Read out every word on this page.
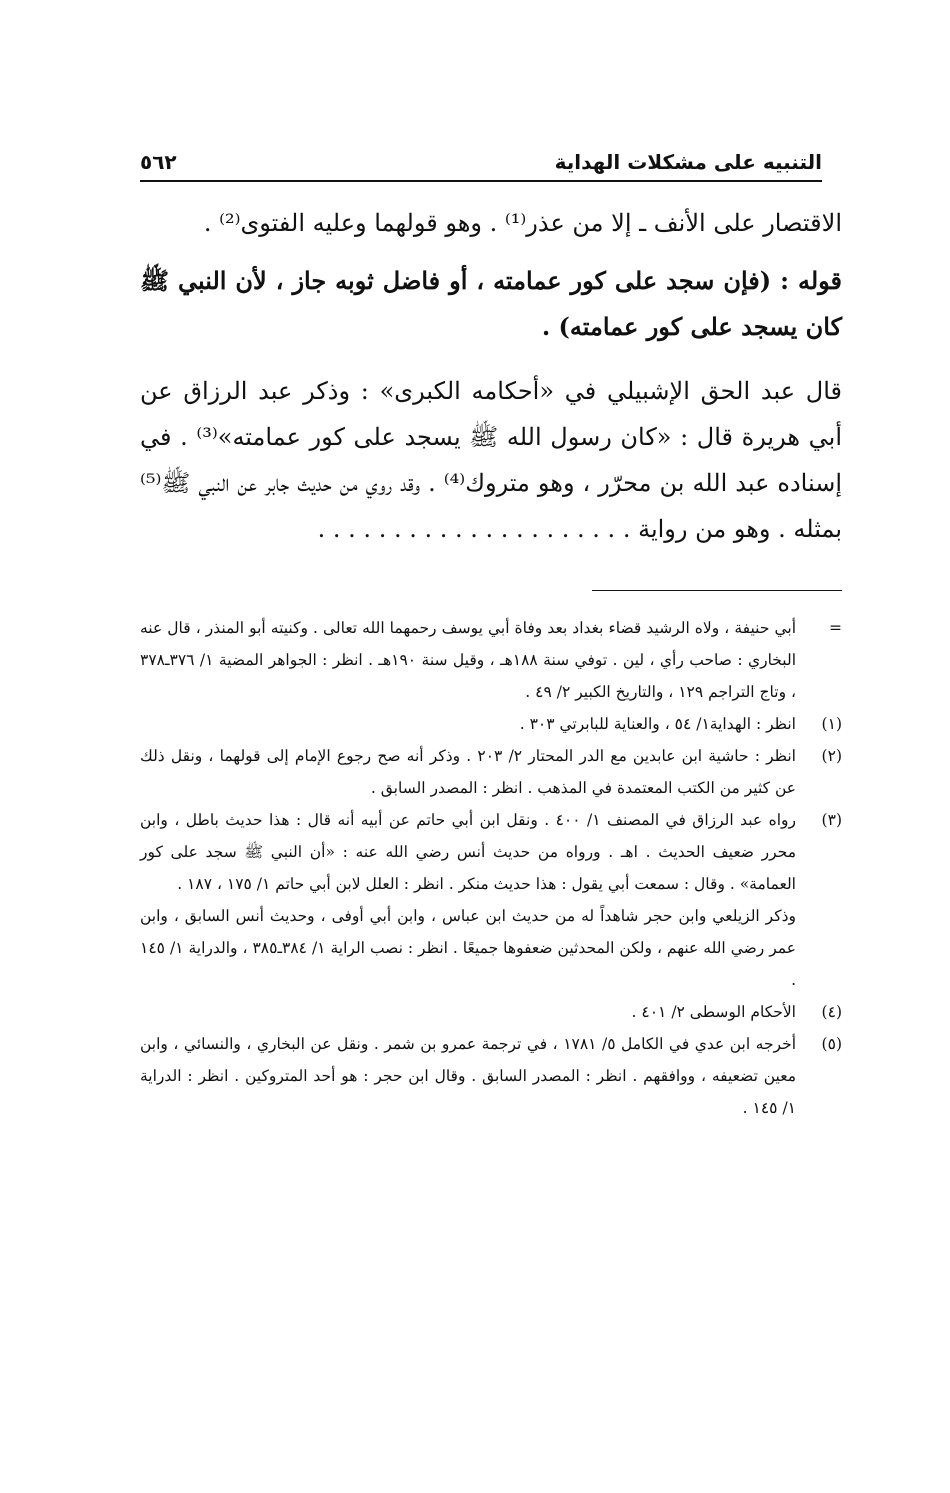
التنبيه على مشكلات الهداية
٥٦٢

الاقتصار على الأنف ـ إلا من عذر⁽¹⁾ . وهو قولهما وعليه الفتوى⁽²⁾ .

قوله : (فإن سجد على كور عمامته ، أو فاضل ثوبه جاز ، لأن النبي ﷺ كان يسجد على كور عمامته) .

قال عبد الحق الإشبيلي في «أحكامه الكبرى» : وذكر عبد الرزاق عن أبي هريرة قال : «كان رسول الله ﷺ يسجد على كور عمامته»⁽³⁾ . في إسناده عبد الله بن محرّر ، وهو متروك⁽⁴⁾ . وقد روي من حديث جابر عن النبي ﷺ⁽⁵⁾ بمثله . وهو من رواية . . .

=
أبي حنيفة ، ولاه الرشيد قضاء بغداد بعد وفاة أبي يوسف رحمهما الله تعالى . وكنيته أبو المنذر ، قال عنه البخاري : صاحب رأي ، لين . توفي سنة ١٨٨هـ ، وقيل سنة ١٩٠هـ . انظر : الجواهر المضية ١/ ٣٧٦ـ٣٧٨ ، وتاج التراجم ١٢٩ ، والتاريخ الكبير ٢/ ٤٩ .
(١)
انظر : الهداية١/ ٥٤ ، والعناية للبابرتي ٣٠٣ .
(٢)
انظر : حاشية ابن عابدين مع الدر المحتار ٢/ ٢٠٣ . وذكر أنه صح رجوع الإمام إلى قولهما ، ونقل ذلك عن كثير من الكتب المعتمدة في المذهب . انظر : المصدر السابق .
(٣)
رواه عبد الرزاق في المصنف ١/ ٤٠٠ . ونقل ابن أبي حاتم عن أبيه أنه قال : هذا حديث باطل ، وابن محرر ضعيف الحديث . اهـ . ورواه من حديث أنس رضي الله عنه : «أن النبي ﷺ سجد على كور العمامة» . وقال : سمعت أبي يقول : هذا حديث منكر . انظر : العلل لابن أبي حاتم ١/ ١٧٥ ، ١٨٧ .
وذكر الزيلعي وابن حجر شاهداً له من حديث ابن عباس ، وابن أبي أوفى ، وحديث أنس السابق ، وابن عمر رضي الله عنهم ، ولكن المحدثين ضعفوها جميعًا . انظر : نصب الراية ١/ ٣٨٤ـ٣٨٥ ، والدراية ١/ ١٤٥ .
(٤)
الأحكام الوسطى ٢/ ٤٠١ .
(٥)
أخرجه ابن عدي في الكامل ٥/ ١٧٨١ ، في ترجمة عمرو بن شمر . ونقل عن البخاري ، والنسائي ، وابن معين تضعيفه ، ووافقهم . انظر : المصدر السابق . وقال ابن حجر : هو أحد المتروكين . انظر : الدراية ١/ ١٤٥ .
